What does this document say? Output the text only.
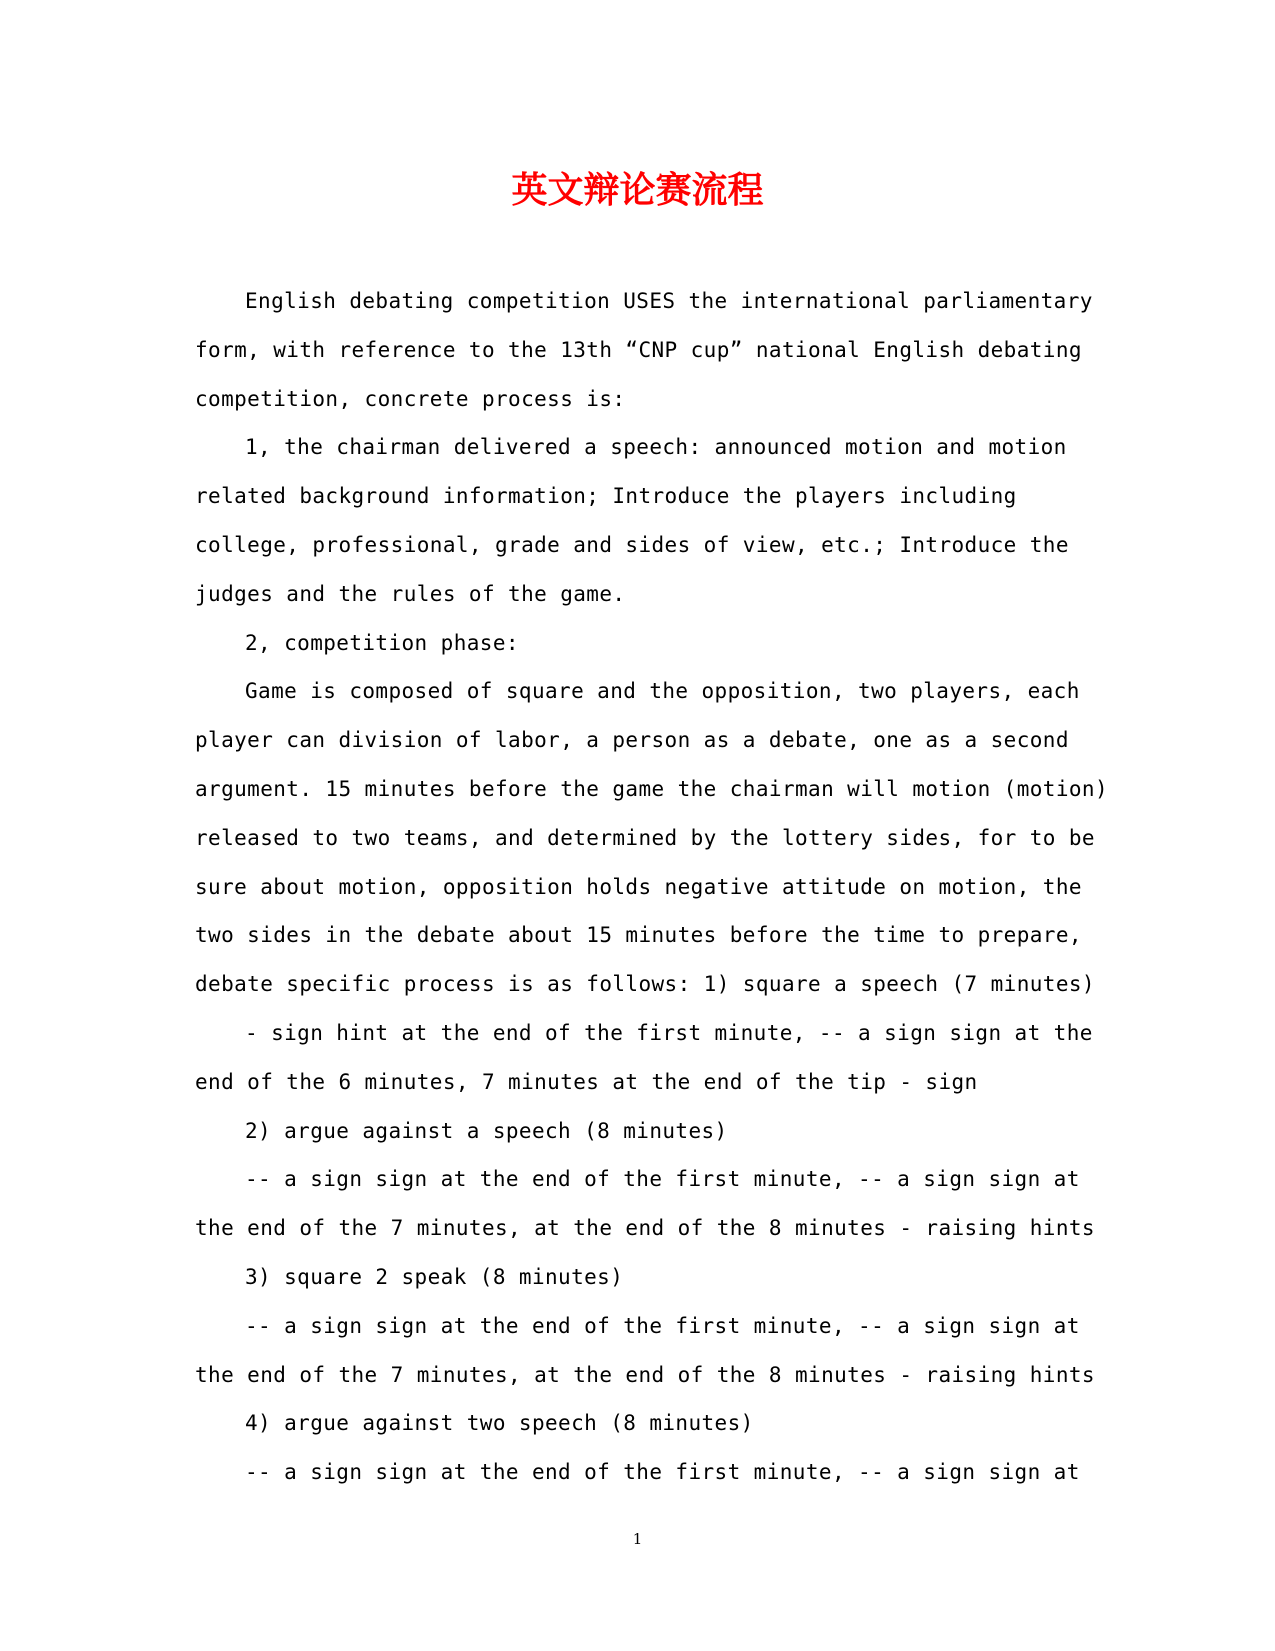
英文辩论赛流程
English debating competition USES the international parliamentary
form, with reference to the 13th “CNP cup” national English debating
competition, concrete process is:
1, the chairman delivered a speech: announced motion and motion
related background information; Introduce the players including
college, professional, grade and sides of view, etc.; Introduce the
judges and the rules of the game.
2, competition phase:
Game is composed of square and the opposition, two players, each
player can division of labor, a person as a debate, one as a second
argument. 15 minutes before the game the chairman will motion (motion)
released to two teams, and determined by the lottery sides, for to be
sure about motion, opposition holds negative attitude on motion, the
two sides in the debate about 15 minutes before the time to prepare,
debate specific process is as follows: 1) square a speech (7 minutes)
- sign hint at the end of the first minute, -- a sign sign at the
end of the 6 minutes, 7 minutes at the end of the tip - sign
2) argue against a speech (8 minutes)
-- a sign sign at the end of the first minute, -- a sign sign at
the end of the 7 minutes, at the end of the 8 minutes - raising hints
3) square 2 speak (8 minutes)
-- a sign sign at the end of the first minute, -- a sign sign at
the end of the 7 minutes, at the end of the 8 minutes - raising hints
4) argue against two speech (8 minutes)
-- a sign sign at the end of the first minute, -- a sign sign at
1
